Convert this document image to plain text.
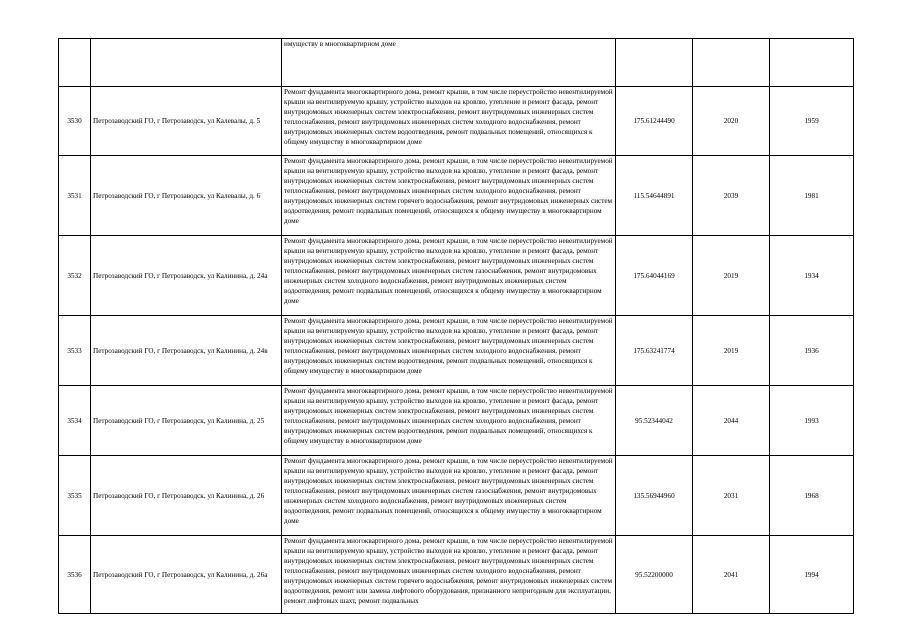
		имуществу в многоквартирном доме			
3530	Петрозаводский ГО, г Петрозаводск, ул Калевалы, д. 5	Ремонт фундамента многоквартирного дома, ремонт крыши, в том числе переустройство невентилируемой крыши на вентилируемую крышу, устройство выходов на кровлю, утепление и ремонт фасада, ремонт внутридомовых инженерных систем электроснабжения, ремонт внутридомовых инженерных систем теплоснабжения, ремонт внутридомовых инженерных систем холодного водоснабжения, ремонт внутридомовых инженерных систем водоотведения, ремонт подвальных помещений, относящихся к общему имуществу в многоквартирном доме	175.61244490	2020	1959
3531	Петрозаводский ГО, г Петрозаводск, ул Калевалы, д. 6	Ремонт фундамента многоквартирного дома, ремонт крыши, в том числе переустройство невентилируемой крыши на вентилируемую крышу, устройство выходов на кровлю, утепление и ремонт фасада, ремонт внутридомовых инженерных систем электроснабжения, ремонт внутридомовых инженерных систем теплоснабжения, ремонт внутридомовых инженерных систем холодного водоснабжения, ремонт внутридомовых инженерных систем горячего водоснабжения, ремонт внутридомовых инженерных систем водоотведения, ремонт подвальных помещений, относящихся к общему имуществу в многоквартирном доме	115.54644891	2039	1981
3532	Петрозаводский ГО, г Петрозаводск, ул Калинина, д. 24а	Ремонт фундамента многоквартирного дома, ремонт крыши, в том числе переустройство невентилируемой крыши на вентилируемую крышу, устройство выходов на кровлю, утепление и ремонт фасада, ремонт внутридомовых инженерных систем электроснабжения, ремонт внутридомовых инженерных систем теплоснабжения, ремонт внутридомовых инженерных систем газоснабжения, ремонт внутридомовых инженерных систем холодного водоснабжения, ремонт внутридомовых инженерных систем водоотведения, ремонт подвальных помещений, относящихся к общему имуществу в многоквартирном доме	175.64044169	2019	1934
3533	Петрозаводский ГО, г Петрозаводск, ул Калинина, д. 24в	Ремонт фундамента многоквартирного дома, ремонт крыши, в том числе переустройство невентилируемой крыши на вентилируемую крышу, устройство выходов на кровлю, утепление и ремонт фасада, ремонт внутридомовых инженерных систем электроснабжения, ремонт внутридомовых инженерных систем теплоснабжения, ремонт внутридомовых инженерных систем холодного водоснабжения, ремонт внутридомовых инженерных систем водоотведения, ремонт подвальных помещений, относящихся к общему имуществу в многоквартирном доме	175.63241774	2019	1936
3534	Петрозаводский ГО, г Петрозаводск, ул Калинина, д. 25	Ремонт фундамента многоквартирного дома, ремонт крыши, в том числе переустройство невентилируемой крыши на вентилируемую крышу, устройство выходов на кровлю, утепление и ремонт фасада, ремонт внутридомовых инженерных систем электроснабжения, ремонт внутридомовых инженерных систем теплоснабжения, ремонт внутридомовых инженерных систем холодного водоснабжения, ремонт внутридомовых инженерных систем водоотведения, ремонт подвальных помещений, относящихся к общему имуществу в многоквартирном доме	95.52344042	2044	1993
3535	Петрозаводский ГО, г Петрозаводск, ул Калинина, д. 26	Ремонт фундамента многоквартирного дома, ремонт крыши, в том числе переустройство невентилируемой крыши на вентилируемую крышу, устройство выходов на кровлю, утепление и ремонт фасада, ремонт внутридомовых инженерных систем электроснабжения, ремонт внутридомовых инженерных систем теплоснабжения, ремонт внутридомовых инженерных систем газоснабжения, ремонт внутридомовых инженерных систем холодного водоснабжения, ремонт внутридомовых инженерных систем водоотведения, ремонт подвальных помещений, относящихся к общему имуществу в многоквартирном доме	135.56944960	2031	1968
3536	Петрозаводский ГО, г Петрозаводск, ул Калинина, д. 26а	Ремонт фундамента многоквартирного дома, ремонт крыши, в том числе переустройство невентилируемой крыши на вентилируемую крышу, устройство выходов на кровлю, утепление и ремонт фасада, ремонт внутридомовых инженерных систем электроснабжения, ремонт внутридомовых инженерных систем теплоснабжения, ремонт внутридомовых инженерных систем холодного водоснабжения, ремонт внутридомовых инженерных систем горячего водоснабжения, ремонт внутридомовых инженерных систем водоотведения, ремонт или замена лифтового оборудования, признанного непригодным для эксплуатации, ремонт лифтовых шахт, ремонт подвальных	95.52200000	2041	1994
